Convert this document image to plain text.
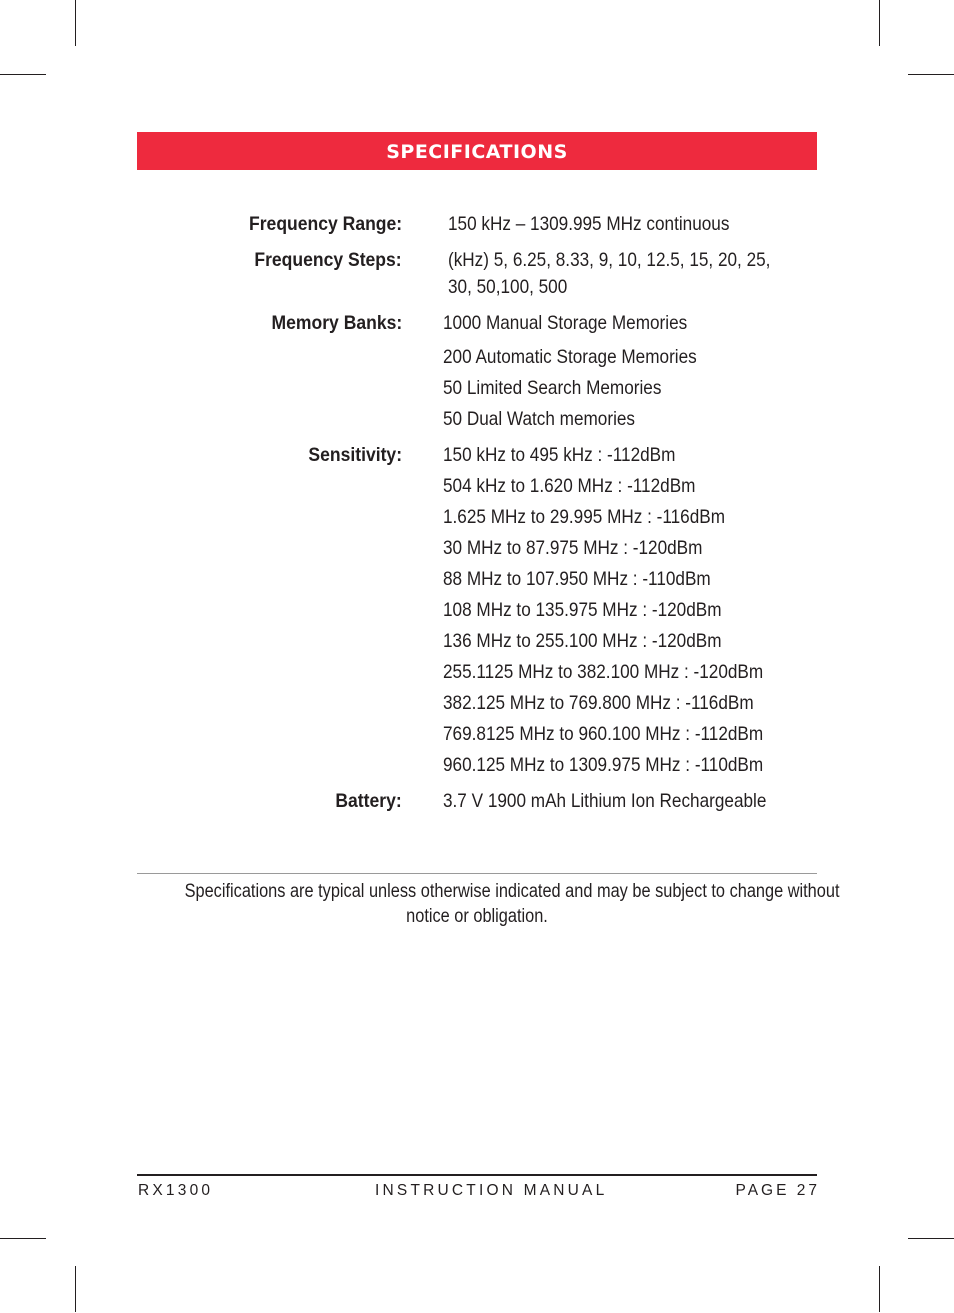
SPECIFICATIONS
Frequency Range: 150 kHz – 1309.995 MHz continuous
Frequency Steps: (kHz) 5, 6.25, 8.33, 9, 10, 12.5, 15, 20, 25,
30, 50,100, 500
Memory Banks: 1000 Manual Storage Memories
200 Automatic Storage Memories
50 Limited Search Memories
50 Dual Watch memories
Sensitivity: 150 kHz to 495 kHz : -112dBm
504 kHz to 1.620 MHz : -112dBm
1.625 MHz to 29.995 MHz : -116dBm
30 MHz to 87.975 MHz : -120dBm
88 MHz to 107.950 MHz : -110dBm
108 MHz to 135.975 MHz : -120dBm
136 MHz to 255.100 MHz : -120dBm
255.1125 MHz to 382.100 MHz : -120dBm
382.125 MHz to 769.800 MHz : -116dBm
769.8125 MHz to 960.100 MHz : -112dBm
960.125 MHz to 1309.975 MHz : -110dBm
Battery: 3.7 V 1900 mAh Lithium Ion Rechargeable
Specifications are typical unless otherwise indicated and may be subject to change without
notice or obligation.
RX1300	INSTRUCTION MANUAL	PAGE 27
